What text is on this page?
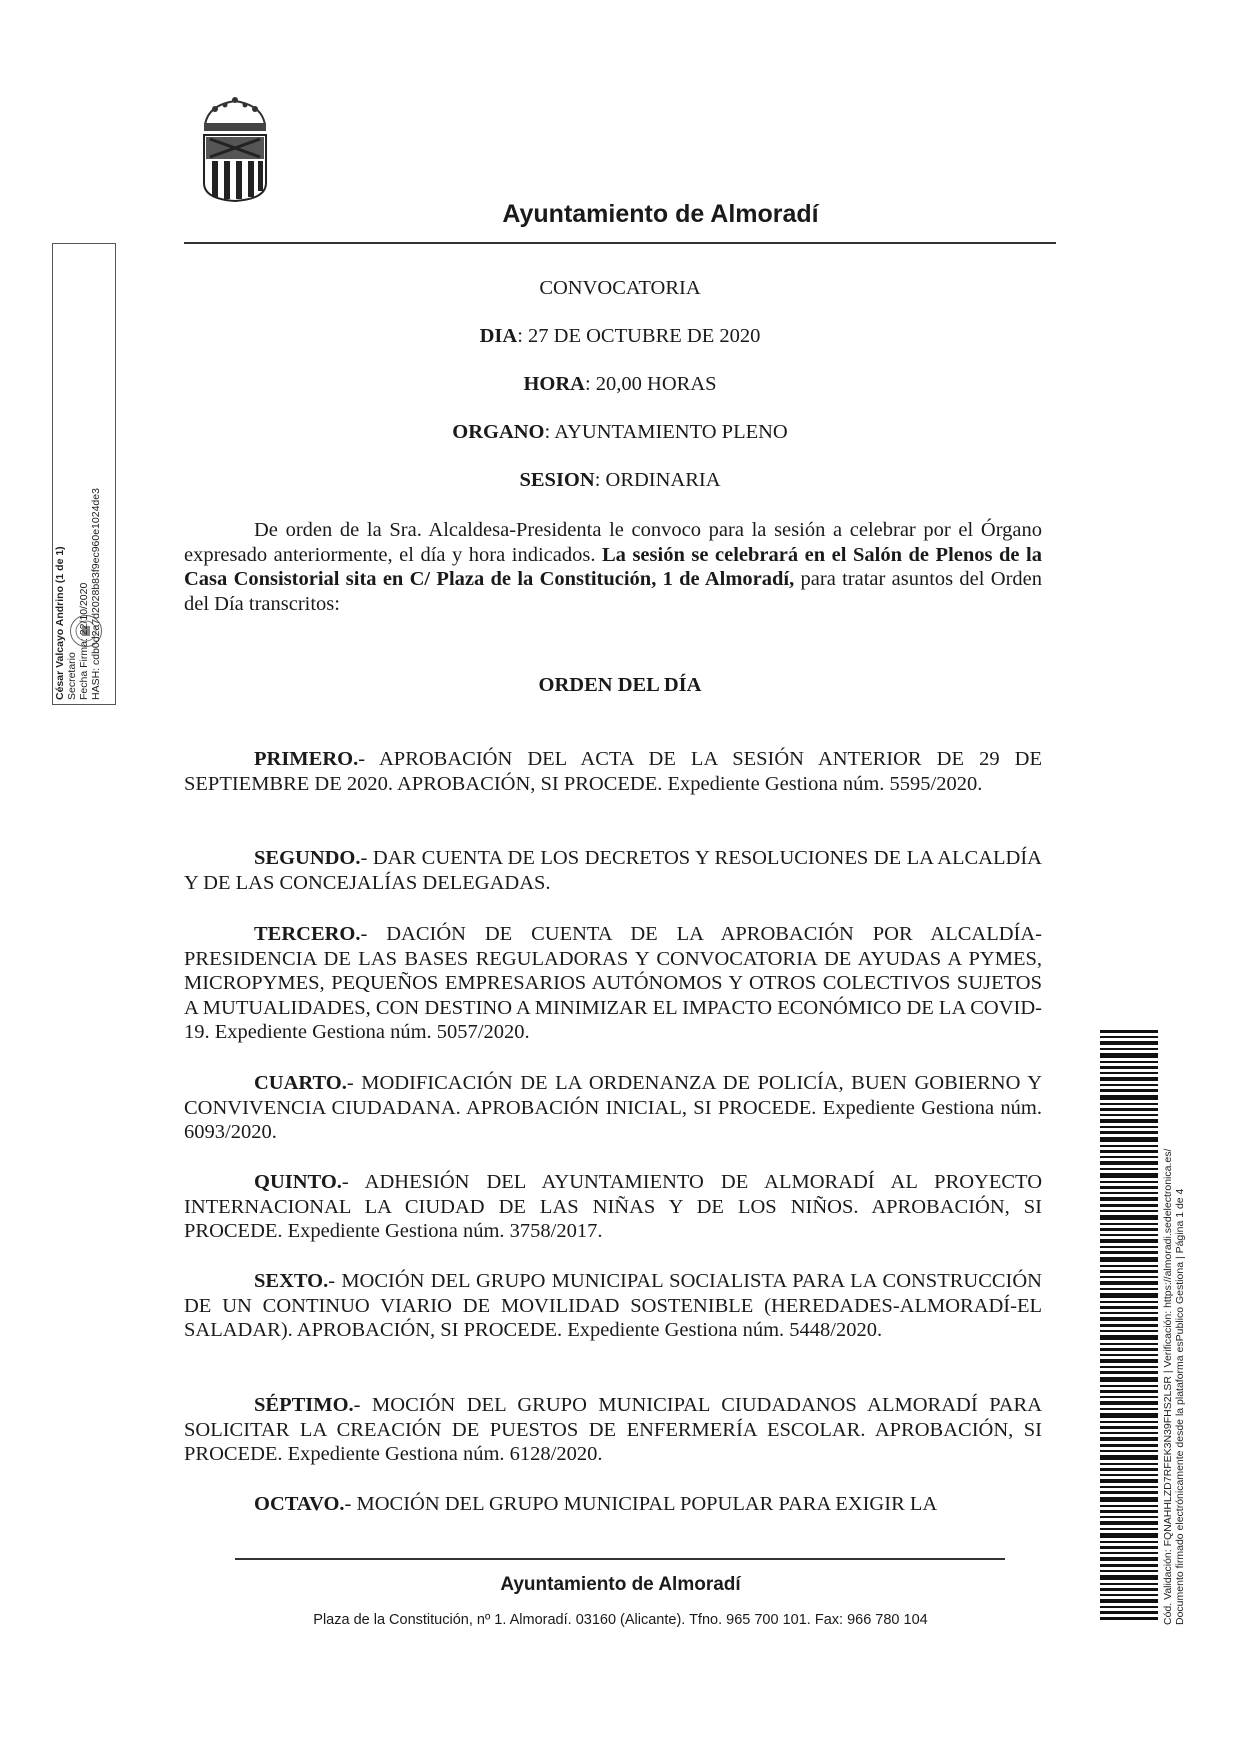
Ayuntamiento de Almoradí
César Valcayo Andrino (1 de 1) Secretario Fecha Firma: 22/10/2020 HASH: cdb0d2a7d2028b83f9ec960e1024de3
CONVOCATORIA
DIA: 27 DE OCTUBRE DE 2020
HORA: 20,00 HORAS
ORGANO: AYUNTAMIENTO PLENO
SESION: ORDINARIA

De orden de la Sra. Alcaldesa-Presidenta le convoco para la sesión a celebrar por el Órgano expresado anteriormente, el día y hora indicados. La sesión se celebrará en el Salón de Plenos de la Casa Consistorial sita en C/ Plaza de la Constitución, 1 de Almoradí, para tratar asuntos del Orden del Día transcritos:

ORDEN DEL DÍA

PRIMERO.- APROBACIÓN DEL ACTA DE LA SESIÓN ANTERIOR DE 29 DE SEPTIEMBRE DE 2020. APROBACIÓN, SI PROCEDE. Expediente Gestiona núm. 5595/2020.

SEGUNDO.- DAR CUENTA DE LOS DECRETOS Y RESOLUCIONES DE LA ALCALDÍA Y DE LAS CONCEJALÍAS DELEGADAS.

TERCERO.- DACIÓN DE CUENTA DE LA APROBACIÓN POR ALCALDÍA-PRESIDENCIA DE LAS BASES REGULADORAS Y CONVOCATORIA DE AYUDAS A PYMES, MICROPYMES, PEQUEÑOS EMPRESARIOS AUTÓNOMOS Y OTROS COLECTIVOS SUJETOS A MUTUALIDADES, CON DESTINO A MINIMIZAR EL IMPACTO ECONÓMICO DE LA COVID-19. Expediente Gestiona núm. 5057/2020.

CUARTO.- MODIFICACIÓN DE LA ORDENANZA DE POLICÍA, BUEN GOBIERNO Y CONVIVENCIA CIUDADANA. APROBACIÓN INICIAL, SI PROCEDE. Expediente Gestiona núm. 6093/2020.

QUINTO.- ADHESIÓN DEL AYUNTAMIENTO DE ALMORADÍ AL PROYECTO INTERNACIONAL LA CIUDAD DE LAS NIÑAS Y DE LOS NIÑOS. APROBACIÓN, SI PROCEDE. Expediente Gestiona núm. 3758/2017.

SEXTO.- MOCIÓN DEL GRUPO MUNICIPAL SOCIALISTA PARA LA CONSTRUCCIÓN DE UN CONTINUO VIARIO DE MOVILIDAD SOSTENIBLE (HEREDADES-ALMORADÍ-EL SALADAR). APROBACIÓN, SI PROCEDE. Expediente Gestiona núm. 5448/2020.

SÉPTIMO.- MOCIÓN DEL GRUPO MUNICIPAL CIUDADANOS ALMORADÍ PARA SOLICITAR LA CREACIÓN DE PUESTOS DE ENFERMERÍA ESCOLAR. APROBACIÓN, SI PROCEDE. Expediente Gestiona núm. 6128/2020.

OCTAVO.- MOCIÓN DEL GRUPO MUNICIPAL POPULAR PARA EXIGIR LA

Ayuntamiento de Almoradí
Plaza de la Constitución, nº 1. Almoradí. 03160 (Alicante). Tfno. 965 700 101. Fax: 966 780 104	Cód. Validación: FQNAHHLZD7RFEK3N39FHS2LSR | Verificación: https://almoradi.sedelectronica.es/ Documento firmado electrónicamente desde la plataforma esPublico Gestiona | Página 1 de 4
